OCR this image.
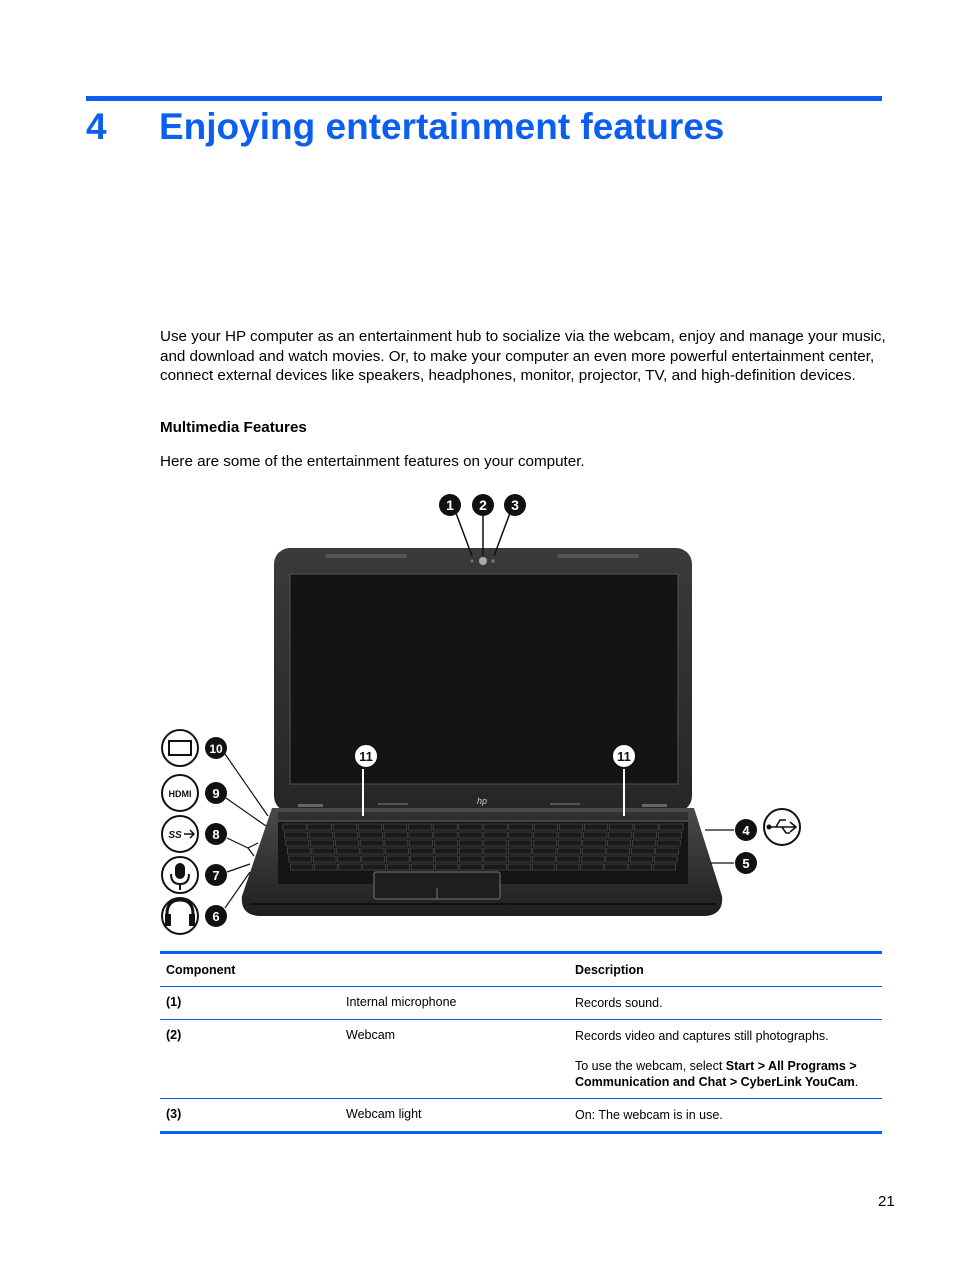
4 Enjoying entertainment features

Use your HP computer as an entertainment hub to socialize via the webcam, enjoy and manage your music, and download and watch movies. Or, to make your computer an even more powerful entertainment center, connect external devices like speakers, headphones, monitor, projector, TV, and high-definition devices.

Multimedia Features

Here are some of the entertainment features on your computer.

hp
1 2 3
11	11
10
HDMI 9
SS 8
7
6
4
5
Component		Description
(1)	Internal microphone	Records sound.

(2)	Webcam	Records video and captures still photographs.

To use the webcam, select Start > All Programs > Communication and Chat > CyberLink YouCam.

(3)	Webcam light	On: The webcam is in use.

21
